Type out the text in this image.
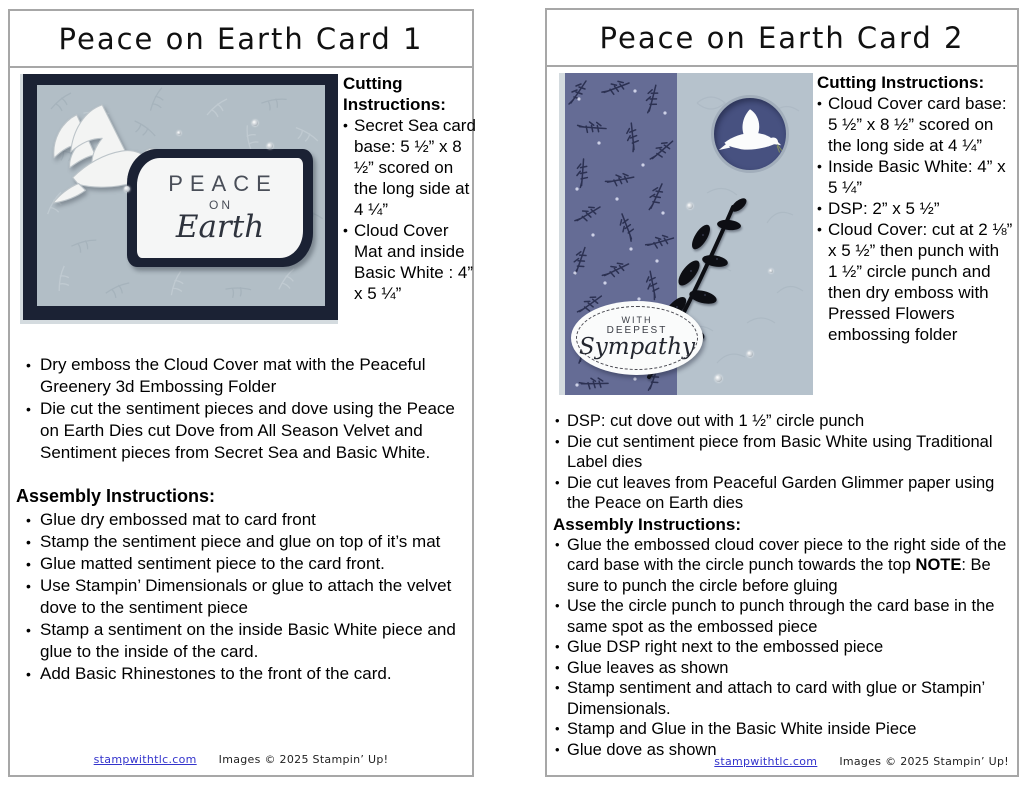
Peace on Earth Card 1
PEACE
ON
Earth
Cutting Instructions:
• Secret Sea card base: 5 ½” x 8 ½” scored on the long side at 4 ¼”
• Cloud Cover Mat and inside Basic White : 4” x 5 ¼”
• Dry emboss the Cloud Cover mat with the Peaceful Greenery 3d Embossing Folder
• Die cut the sentiment pieces and dove using the Peace on Earth Dies cut Dove from All Season Velvet and Sentiment pieces from Secret Sea and Basic White.
Assembly Instructions:
• Glue dry embossed mat to card front
• Stamp the sentiment piece and glue on top of it’s mat
• Glue matted sentiment piece to the card front.
• Use Stampin’ Dimensionals or glue to attach the velvet dove to the sentiment piece
• Stamp a sentiment on the inside Basic White piece and glue to the inside of the card.
• Add Basic Rhinestones to the front of the card.
stampwithtlc.com Images © 2025 Stampin’ Up!
Peace on Earth Card 2
WITH
DEEPEST
Sympathy
Cutting Instructions:
• Cloud Cover card base: 5 ½” x 8 ½” scored on the long side at 4 ¼”
• Inside Basic White: 4” x 5 ¼”
• DSP: 2” x 5 ½”
• Cloud Cover: cut at 2 ⅛” x 5 ½” then punch with 1 ½” circle punch and then dry emboss with Pressed Flowers embossing folder
• DSP: cut dove out with 1 ½” circle punch
• Die cut sentiment piece from Basic White using Traditional Label dies
• Die cut leaves from Peaceful Garden Glimmer paper using the Peace on Earth dies
Assembly Instructions:
• Glue the embossed cloud cover piece to the right side of the card base with the circle punch towards the top NOTE: Be sure to punch the circle before gluing
• Use the circle punch to punch through the card base in the same spot as the embossed piece
• Glue DSP right next to the embossed piece
• Glue leaves as shown
• Stamp sentiment and attach to card with glue or Stampin’ Dimensionals.
• Stamp and Glue in the Basic White inside Piece
• Glue dove as shown
stampwithtlc.com Images © 2025 Stampin’ Up!
